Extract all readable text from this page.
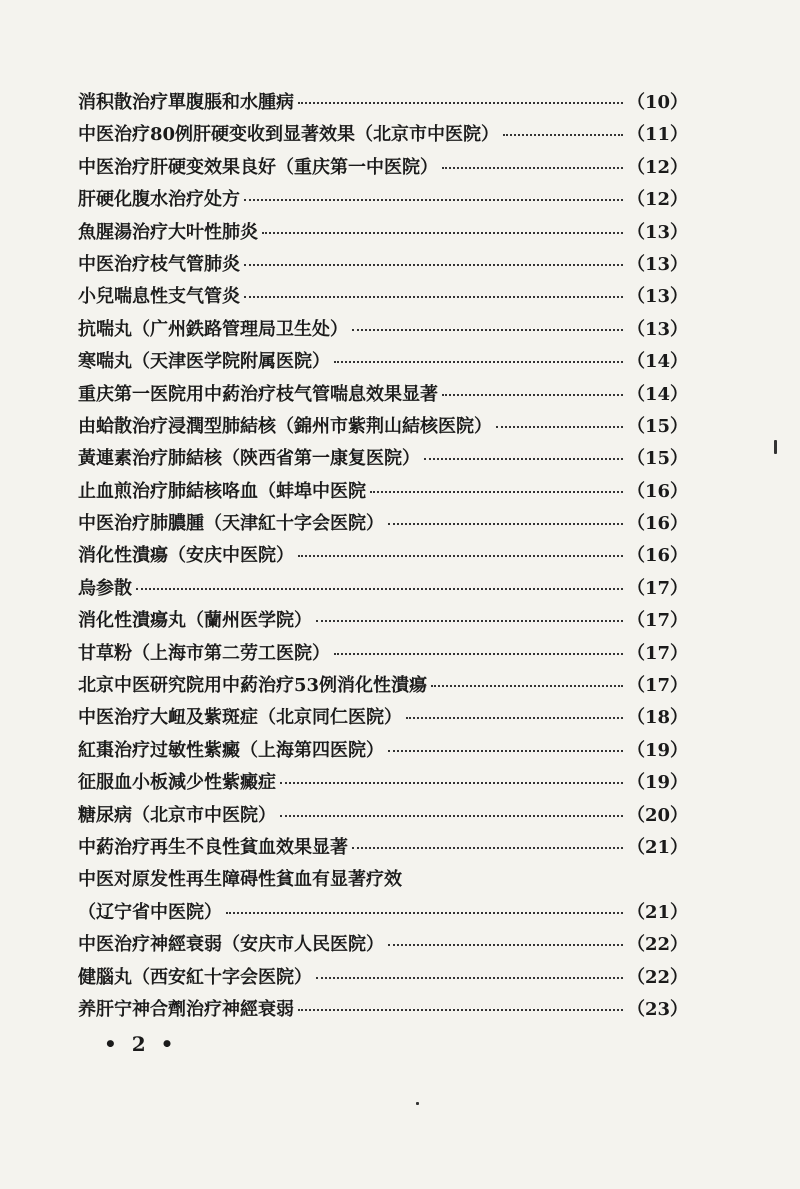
消积散治疗單腹脹和水腫病	（10）
中医治疗80例肝硬变收到显著效果（北京市中医院）	（11）
中医治疗肝硬变效果良好（重庆第一中医院）	（12）
肝硬化腹水治疗处方	（12）
魚腥湯治疗大叶性肺炎	（13）
中医治疗枝气管肺炎	（13）
小兒喘息性支气管炎	（13）
抗喘丸（广州鉄路管理局卫生处）	（13）
寒喘丸（天津医学院附属医院）	（14）
重庆第一医院用中葯治疗枝气管喘息效果显著	（14）
由蛤散治疗浸潤型肺結核（錦州市紫荆山結核医院）	（15）
黃連素治疗肺結核（陝西省第一康复医院）	（15）
止血煎治疗肺結核咯血（蚌埠中医院	（16）
中医治疗肺膿腫（天津紅十字会医院）	（16）
消化性潰瘍（安庆中医院）	（16）
烏参散	（17）
消化性潰瘍丸（蘭州医学院）	（17）
甘草粉（上海市第二劳工医院）	（17）
北京中医研究院用中葯治疗53例消化性潰瘍	（17）
中医治疗大衄及紫斑症（北京同仁医院）	（18）
紅棗治疗过敏性紫癜（上海第四医院）	（19）
征服血小板減少性紫癜症	（19）
糖尿病（北京市中医院）	（20）
中葯治疗再生不良性貧血效果显著	（21）
中医对原发性再生障碍性貧血有显著疗效
（辽宁省中医院）	（21）
中医治疗神經衰弱（安庆市人民医院）	（22）
健腦丸（西安紅十字会医院）	（22）
养肝宁神合劑治疗神經衰弱	（23）
• 2 •
